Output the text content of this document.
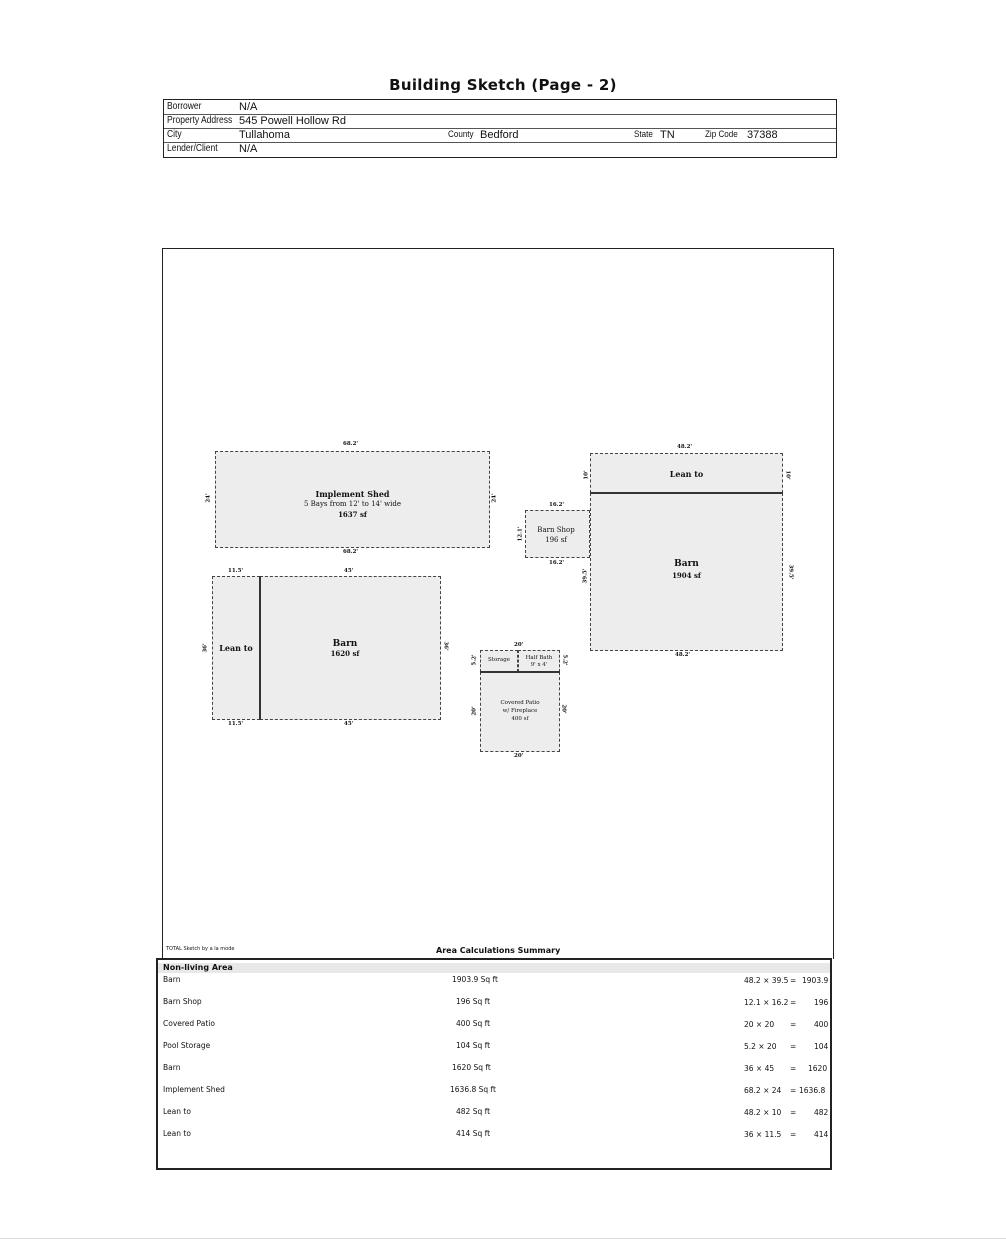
Building Sketch (Page - 2)
Borrower	N/A
Property Address 545 Powell Hollow Rd
City	Tullahoma	County Bedford	State TN	Zip Code 37388
Lender/Client N/A
Implement Shed
5 Bays from 12' to 14' wide
1637 sf
68.2'
68.2'
24'	24'
Lean to	Barn
1620 sf
11.5'
11.5'
45'
45'
36'	36'
Barn Shop
196 sf
16.2'
16.2'
12.1'
Lean to
Barn
1904 sf
48.2'
48.2'
10'	10'
39.5'	39.5'
Storage	Half Bath
9' x 4'
Covered Patio
w/ Fireplace
400 sf
20'
20'
5.2'	5.2'
20'	20'
TOTAL Sketch by a la mode	Area Calculations Summary
Non-living Area
Barn	1903.9 Sq ft	48.2 × 39.5 = 1903.9
Barn Shop	196 Sq ft	12.1 × 16.2 = 196
Covered Patio	400 Sq ft	20 × 20 = 400
Pool Storage	104 Sq ft	5.2 × 20 = 104
Barn	1620 Sq ft	36 × 45 = 1620
Implement Shed	1636.8 Sq ft	68.2 × 24 = 1636.8
Lean to	482 Sq ft	48.2 × 10 = 482
Lean to	414 Sq ft	36 × 11.5 = 414
